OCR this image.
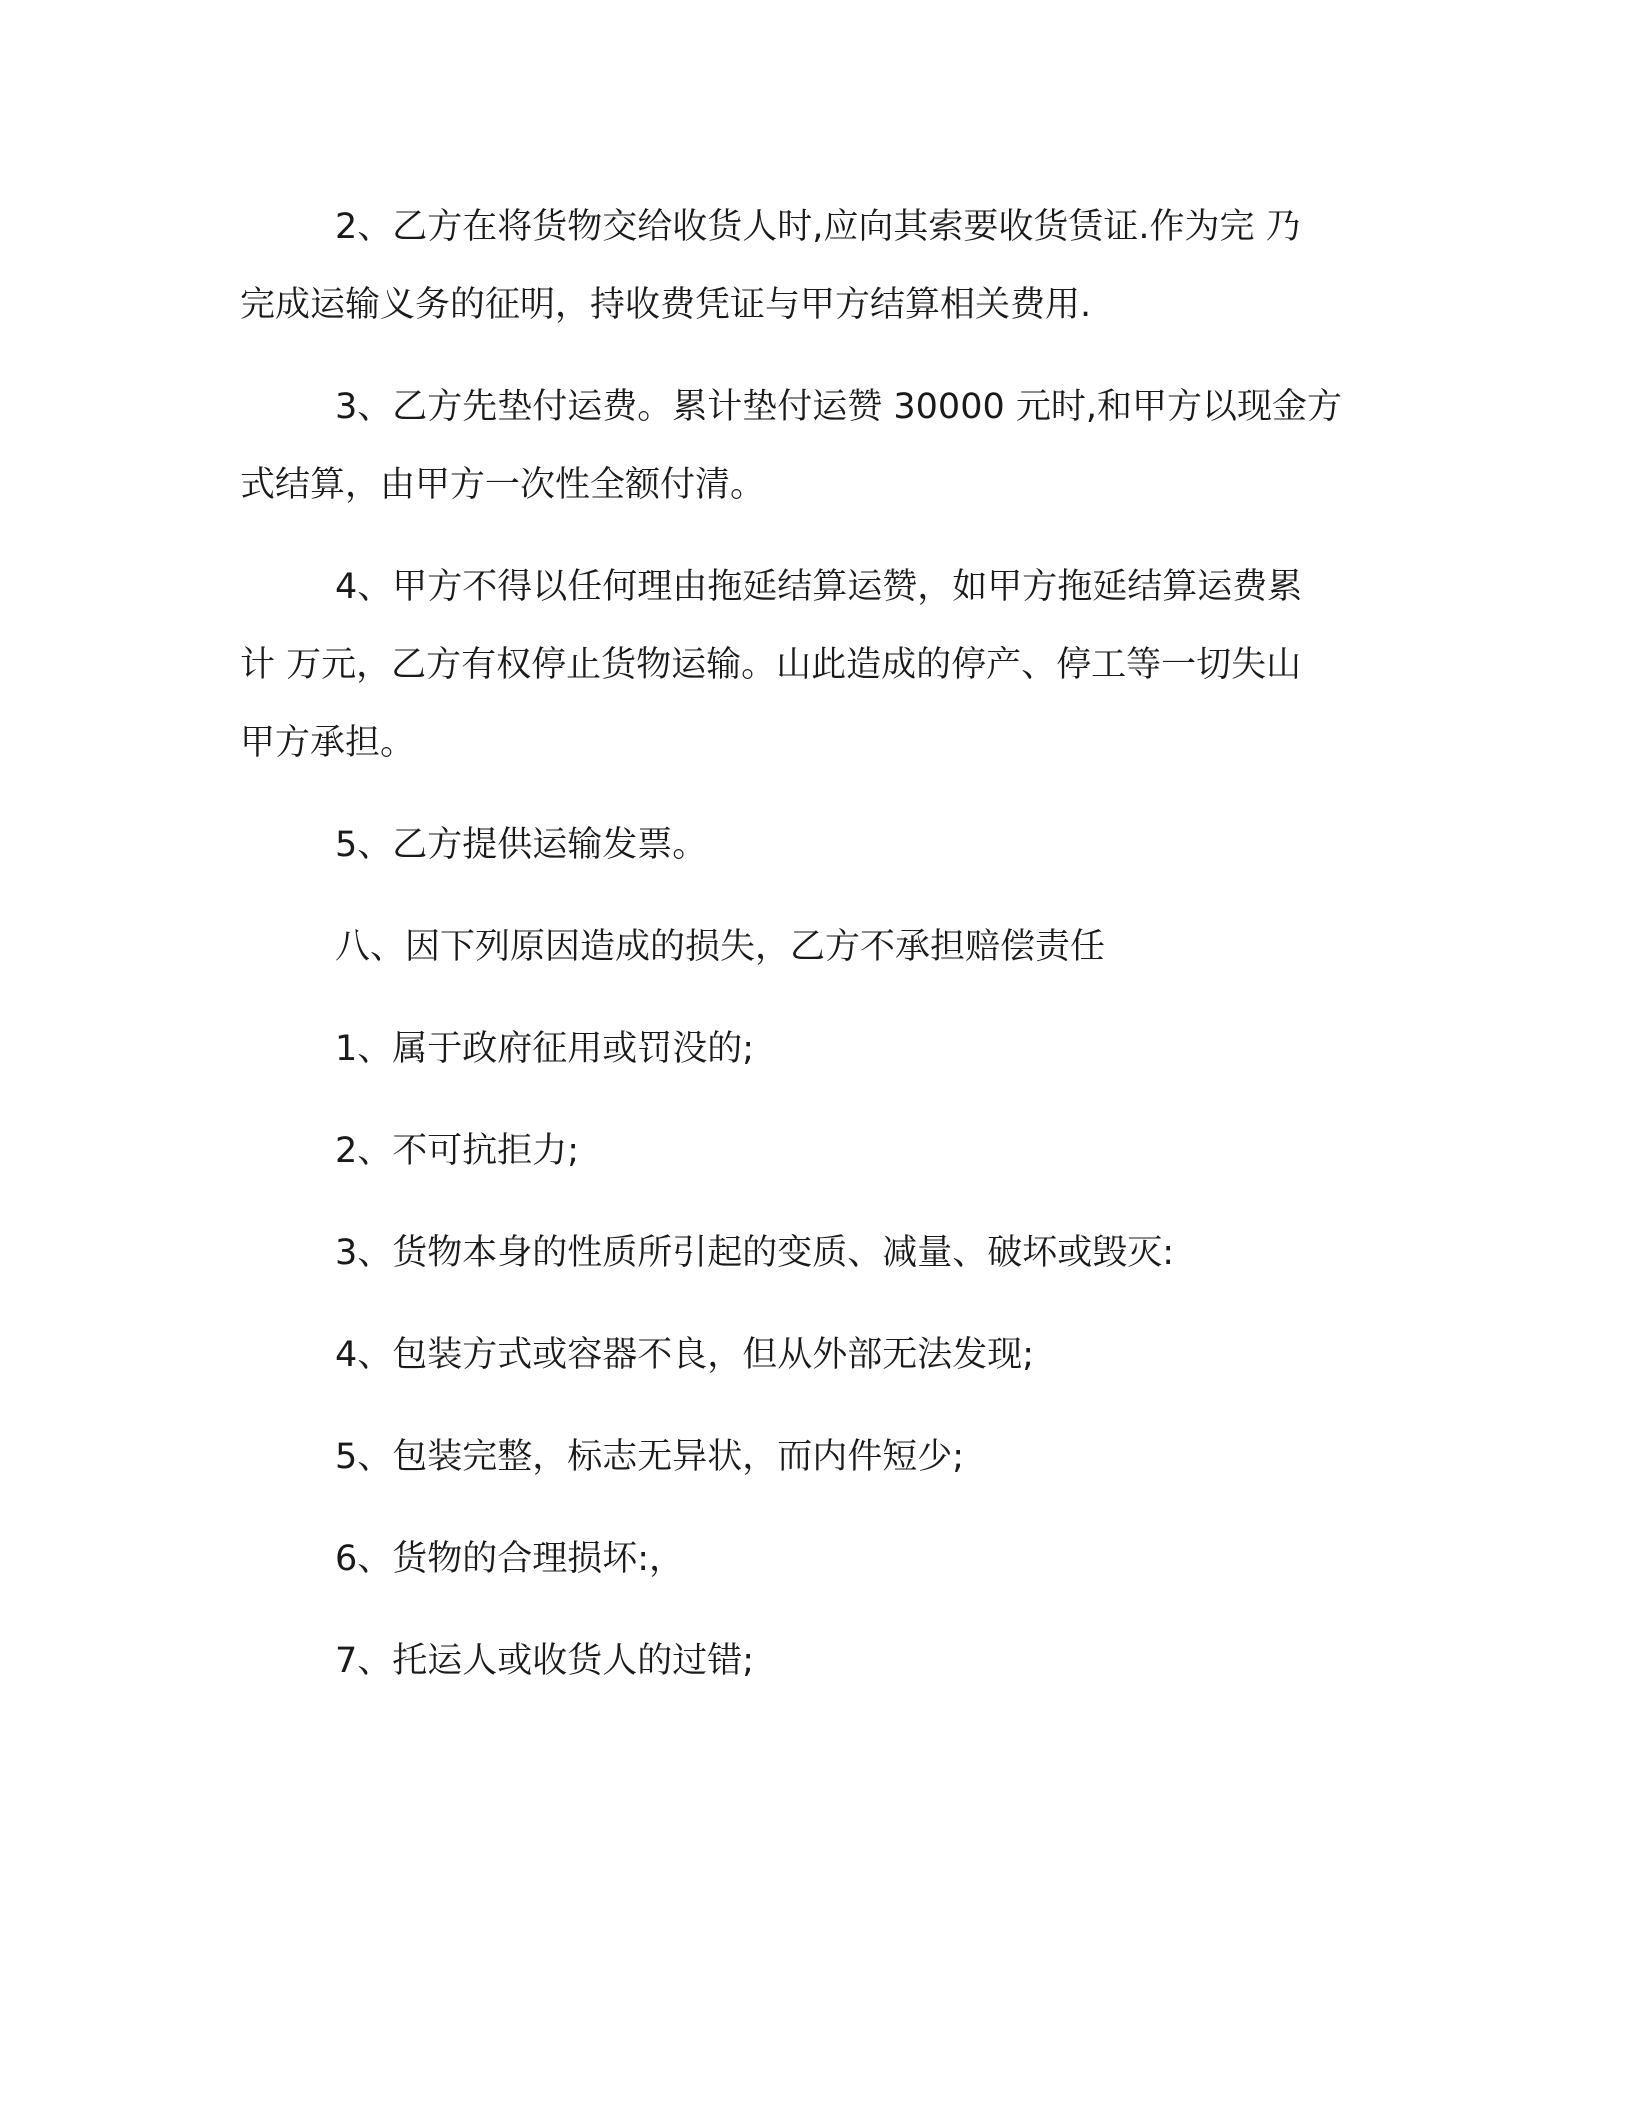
2、乙方在将货物交给收货人时,应向其索要收货赁证.作为完 乃
完成运输义务的征明，持收费凭证与甲方结算相关费用.
3、乙方先垫付运费。累计垫付运赞 30000 元时,和甲方以现金方
式结算，由甲方一次性全额付清。
4、甲方不得以任何理由拖延结算运赞，如甲方拖延结算运费累
计 万元，乙方有权停止货物运输。山此造成的停产、停工等一切失山
甲方承担。
5、乙方提供运输发票。
八、因下列原因造成的损失，乙方不承担赔偿责任
1、属于政府征用或罚没的;
2、不可抗拒力;
3、货物本身的性质所引起的变质、减量、破坏或毁灭:
4、包装方式或容器不良，但从外部无法发现;
5、包装完整，标志无异状，而内件短少;
6、货物的合理损坏:，
7、托运人或收货人的过错;
